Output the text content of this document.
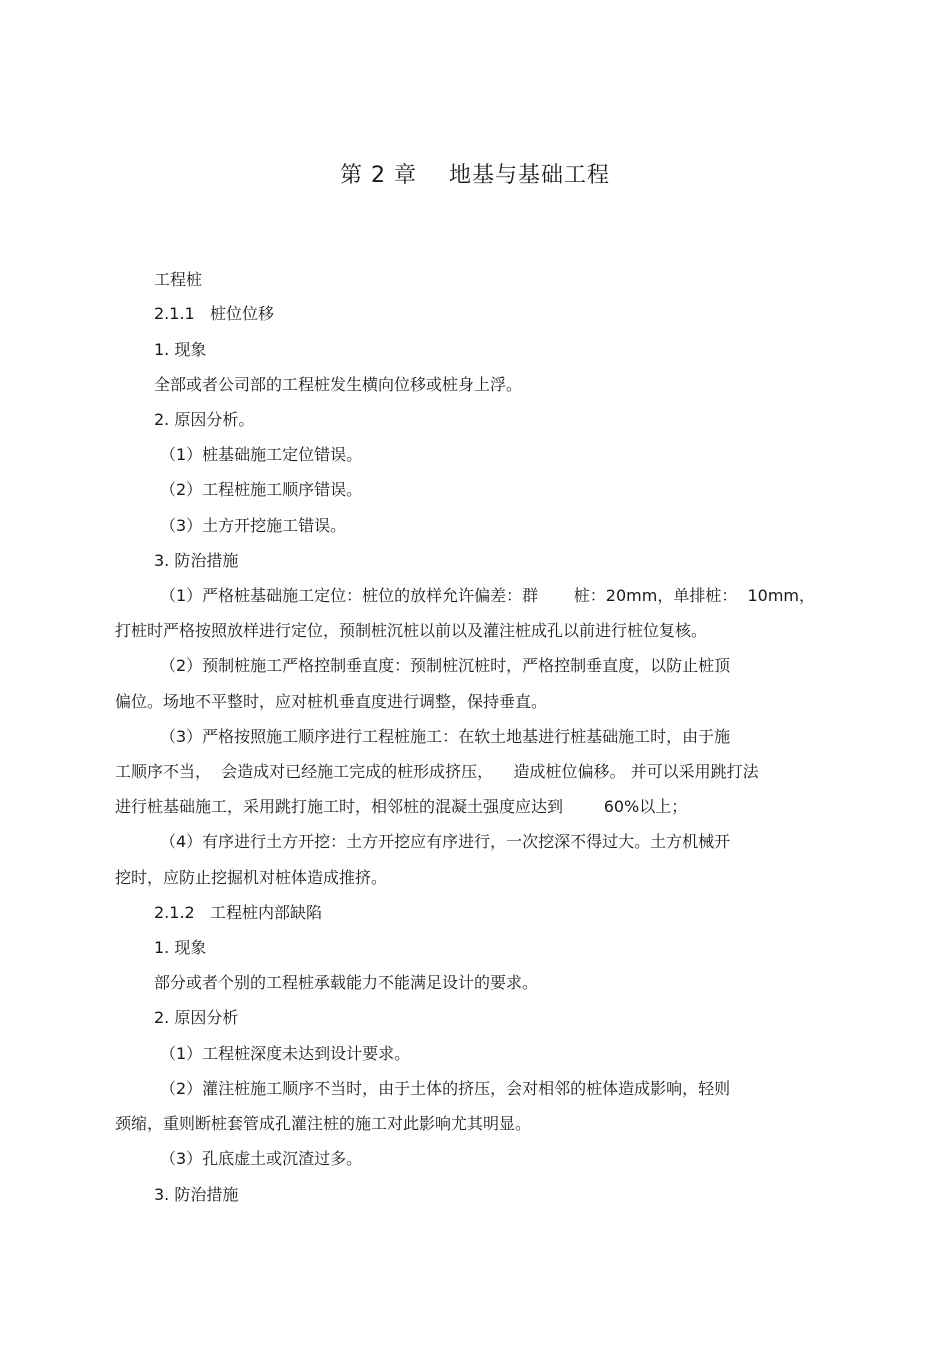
第 2 章    地基与基础工程
工程桩
2.1.1   桩位位移
1. 现象
全部或者公司部的工程桩发生横向位移或桩身上浮。
2. 原因分析。
（1）桩基础施工定位错误。
（2）工程桩施工顺序错误。
（3）土方开挖施工错误。
3. 防治措施
（1）严格桩基础施工定位：桩位的放样允许偏差：群       桩：20mm，单排桩：  10mm，
打桩时严格按照放样进行定位，预制桩沉桩以前以及灌注桩成孔以前进行桩位复核。
（2）预制桩施工严格控制垂直度：预制桩沉桩时，严格控制垂直度，以防止桩顶
偏位。场地不平整时，应对桩机垂直度进行调整，保持垂直。
（3）严格按照施工顺序进行工程桩施工：在软土地基进行桩基础施工时，由于施
工顺序不当，  会造成对已经施工完成的桩形成挤压，    造成桩位偏移。 并可以采用跳打法
进行桩基础施工，采用跳打施工时，相邻桩的混凝土强度应达到        60%以上；
（4）有序进行土方开挖：土方开挖应有序进行，一次挖深不得过大。土方机械开
挖时，应防止挖掘机对桩体造成推挤。
2.1.2   工程桩内部缺陷
1. 现象
部分或者个别的工程桩承载能力不能满足设计的要求。
2. 原因分析
（1）工程桩深度未达到设计要求。
（2）灌注桩施工顺序不当时，由于土体的挤压，会对相邻的桩体造成影响，轻则
颈缩，重则断桩套管成孔灌注桩的施工对此影响尤其明显。
（3）孔底虚土或沉渣过多。
3. 防治措施
